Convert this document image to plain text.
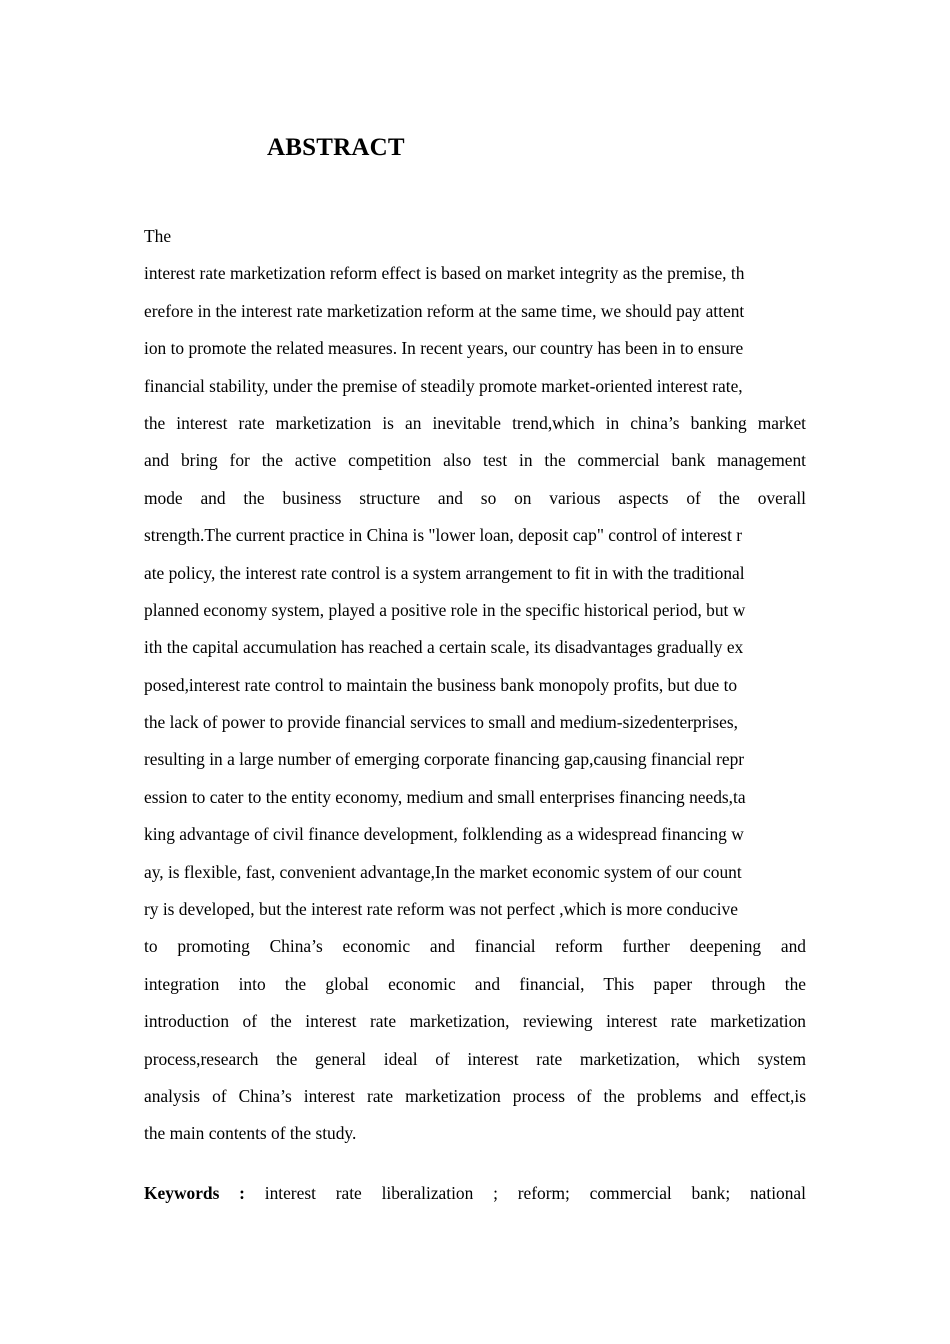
ABSTRACT
The
interest rate marketization reform effect is based on market integrity as the premise, th
erefore in the interest rate marketization reform at the same time, we should pay attent
ion to promote the related measures. In recent years, our country has been in to ensure
financial stability, under the premise of steadily promote market-oriented interest rate,
the interest rate marketization is an inevitable trend,which in china’s banking market
and bring for the active competition also test in the commercial bank management
mode and the business structure and so on various aspects of the overall
strength.The current practice in China is "lower loan, deposit cap" control of interest r
ate policy, the interest rate control is a system arrangement to fit in with the traditional
planned economy system, played a positive role in the specific historical period, but w
ith the capital accumulation has reached a certain scale, its disadvantages gradually ex
posed,interest rate control to maintain the business bank monopoly profits, but due to
the lack of power to provide financial services to small and medium-sizedenterprises,
resulting in a large number of emerging corporate financing gap,causing financial repr
ession to cater to the entity economy, medium and small enterprises financing needs,ta
king advantage of civil finance development, folklending as a widespread financing w
ay, is flexible, fast, convenient advantage,In the market economic system of our count
ry is developed, but the interest rate reform was not perfect ,which is more conducive
to promoting China’s economic and financial reform further deepening and
integration into the global economic and financial, This paper through the
introduction of the interest rate marketization, reviewing interest rate marketization
process,research the general ideal of interest rate marketization, which system
analysis of China’s interest rate marketization process of the problems and effect,is
the main contents of the study.
Keywords : interest rate liberalization ; reform; commercial bank; national
